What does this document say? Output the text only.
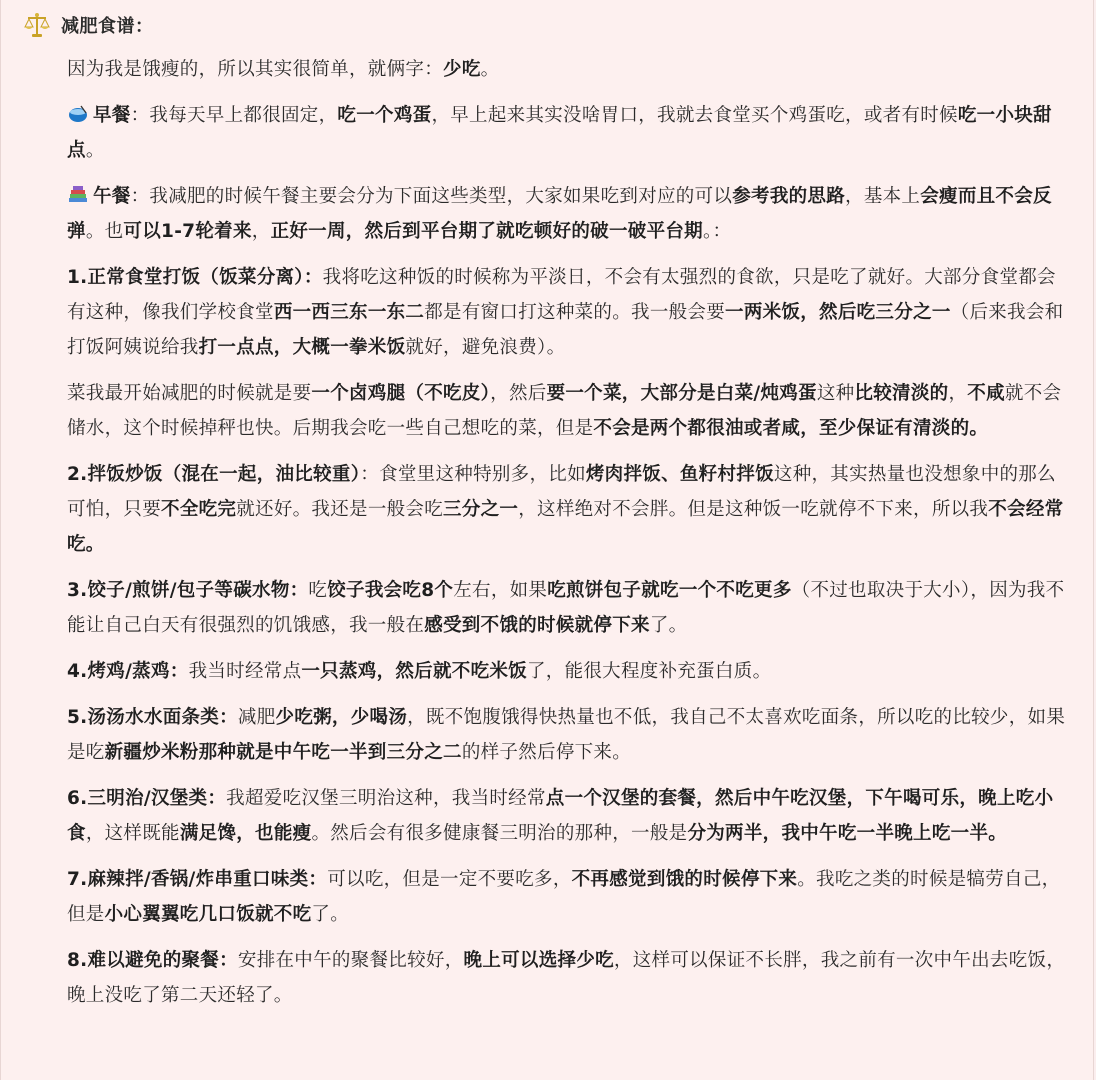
减肥食谱：

因为我是饿瘦的，所以其实很简单，就俩字：少吃。

早餐：我每天早上都很固定，吃一个鸡蛋，早上起来其实没啥胃口，我就去食堂买个鸡蛋吃，或者有时候吃一小块甜点。

午餐：我减肥的时候午餐主要会分为下面这些类型，大家如果吃到对应的可以参考我的思路，基本上会瘦而且不会反弹。也可以1-7轮着来，正好一周，然后到平台期了就吃顿好的破一破平台期。：

1.正常食堂打饭（饭菜分离）：我将吃这种饭的时候称为平淡日，不会有太强烈的食欲，只是吃了就好。大部分食堂都会有这种，像我们学校食堂西一西三东一东二都是有窗口打这种菜的。我一般会要一两米饭，然后吃三分之一（后来我会和打饭阿姨说给我打一点点，大概一拳米饭就好，避免浪费）。

菜我最开始减肥的时候就是要一个卤鸡腿（不吃皮），然后要一个菜，大部分是白菜/炖鸡蛋这种比较清淡的，不咸就不会储水，这个时候掉秤也快。后期我会吃一些自己想吃的菜，但是不会是两个都很油或者咸，至少保证有清淡的。

2.拌饭炒饭（混在一起，油比较重）：食堂里这种特别多，比如烤肉拌饭、鱼籽村拌饭这种，其实热量也没想象中的那么可怕，只要不全吃完就还好。我还是一般会吃三分之一，这样绝对不会胖。但是这种饭一吃就停不下来，所以我不会经常吃。

3.饺子/煎饼/包子等碳水物：吃饺子我会吃8个左右，如果吃煎饼包子就吃一个不吃更多（不过也取决于大小），因为我不能让自己白天有很强烈的饥饿感，我一般在感受到不饿的时候就停下来了。

4.烤鸡/蒸鸡：我当时经常点一只蒸鸡，然后就不吃米饭了，能很大程度补充蛋白质。

5.汤汤水水面条类：减肥少吃粥，少喝汤，既不饱腹饿得快热量也不低，我自己不太喜欢吃面条，所以吃的比较少，如果是吃新疆炒米粉那种就是中午吃一半到三分之二的样子然后停下来。

6.三明治/汉堡类：我超爱吃汉堡三明治这种，我当时经常点一个汉堡的套餐，然后中午吃汉堡，下午喝可乐，晚上吃小食，这样既能满足馋，也能瘦。然后会有很多健康餐三明治的那种，一般是分为两半，我中午吃一半晚上吃一半。

7.麻辣拌/香锅/炸串重口味类：可以吃，但是一定不要吃多，不再感觉到饿的时候停下来。我吃之类的时候是犒劳自己，但是小心翼翼吃几口饭就不吃了。

8.难以避免的聚餐：安排在中午的聚餐比较好，晚上可以选择少吃，这样可以保证不长胖，我之前有一次中午出去吃饭，晚上没吃了第二天还轻了。
